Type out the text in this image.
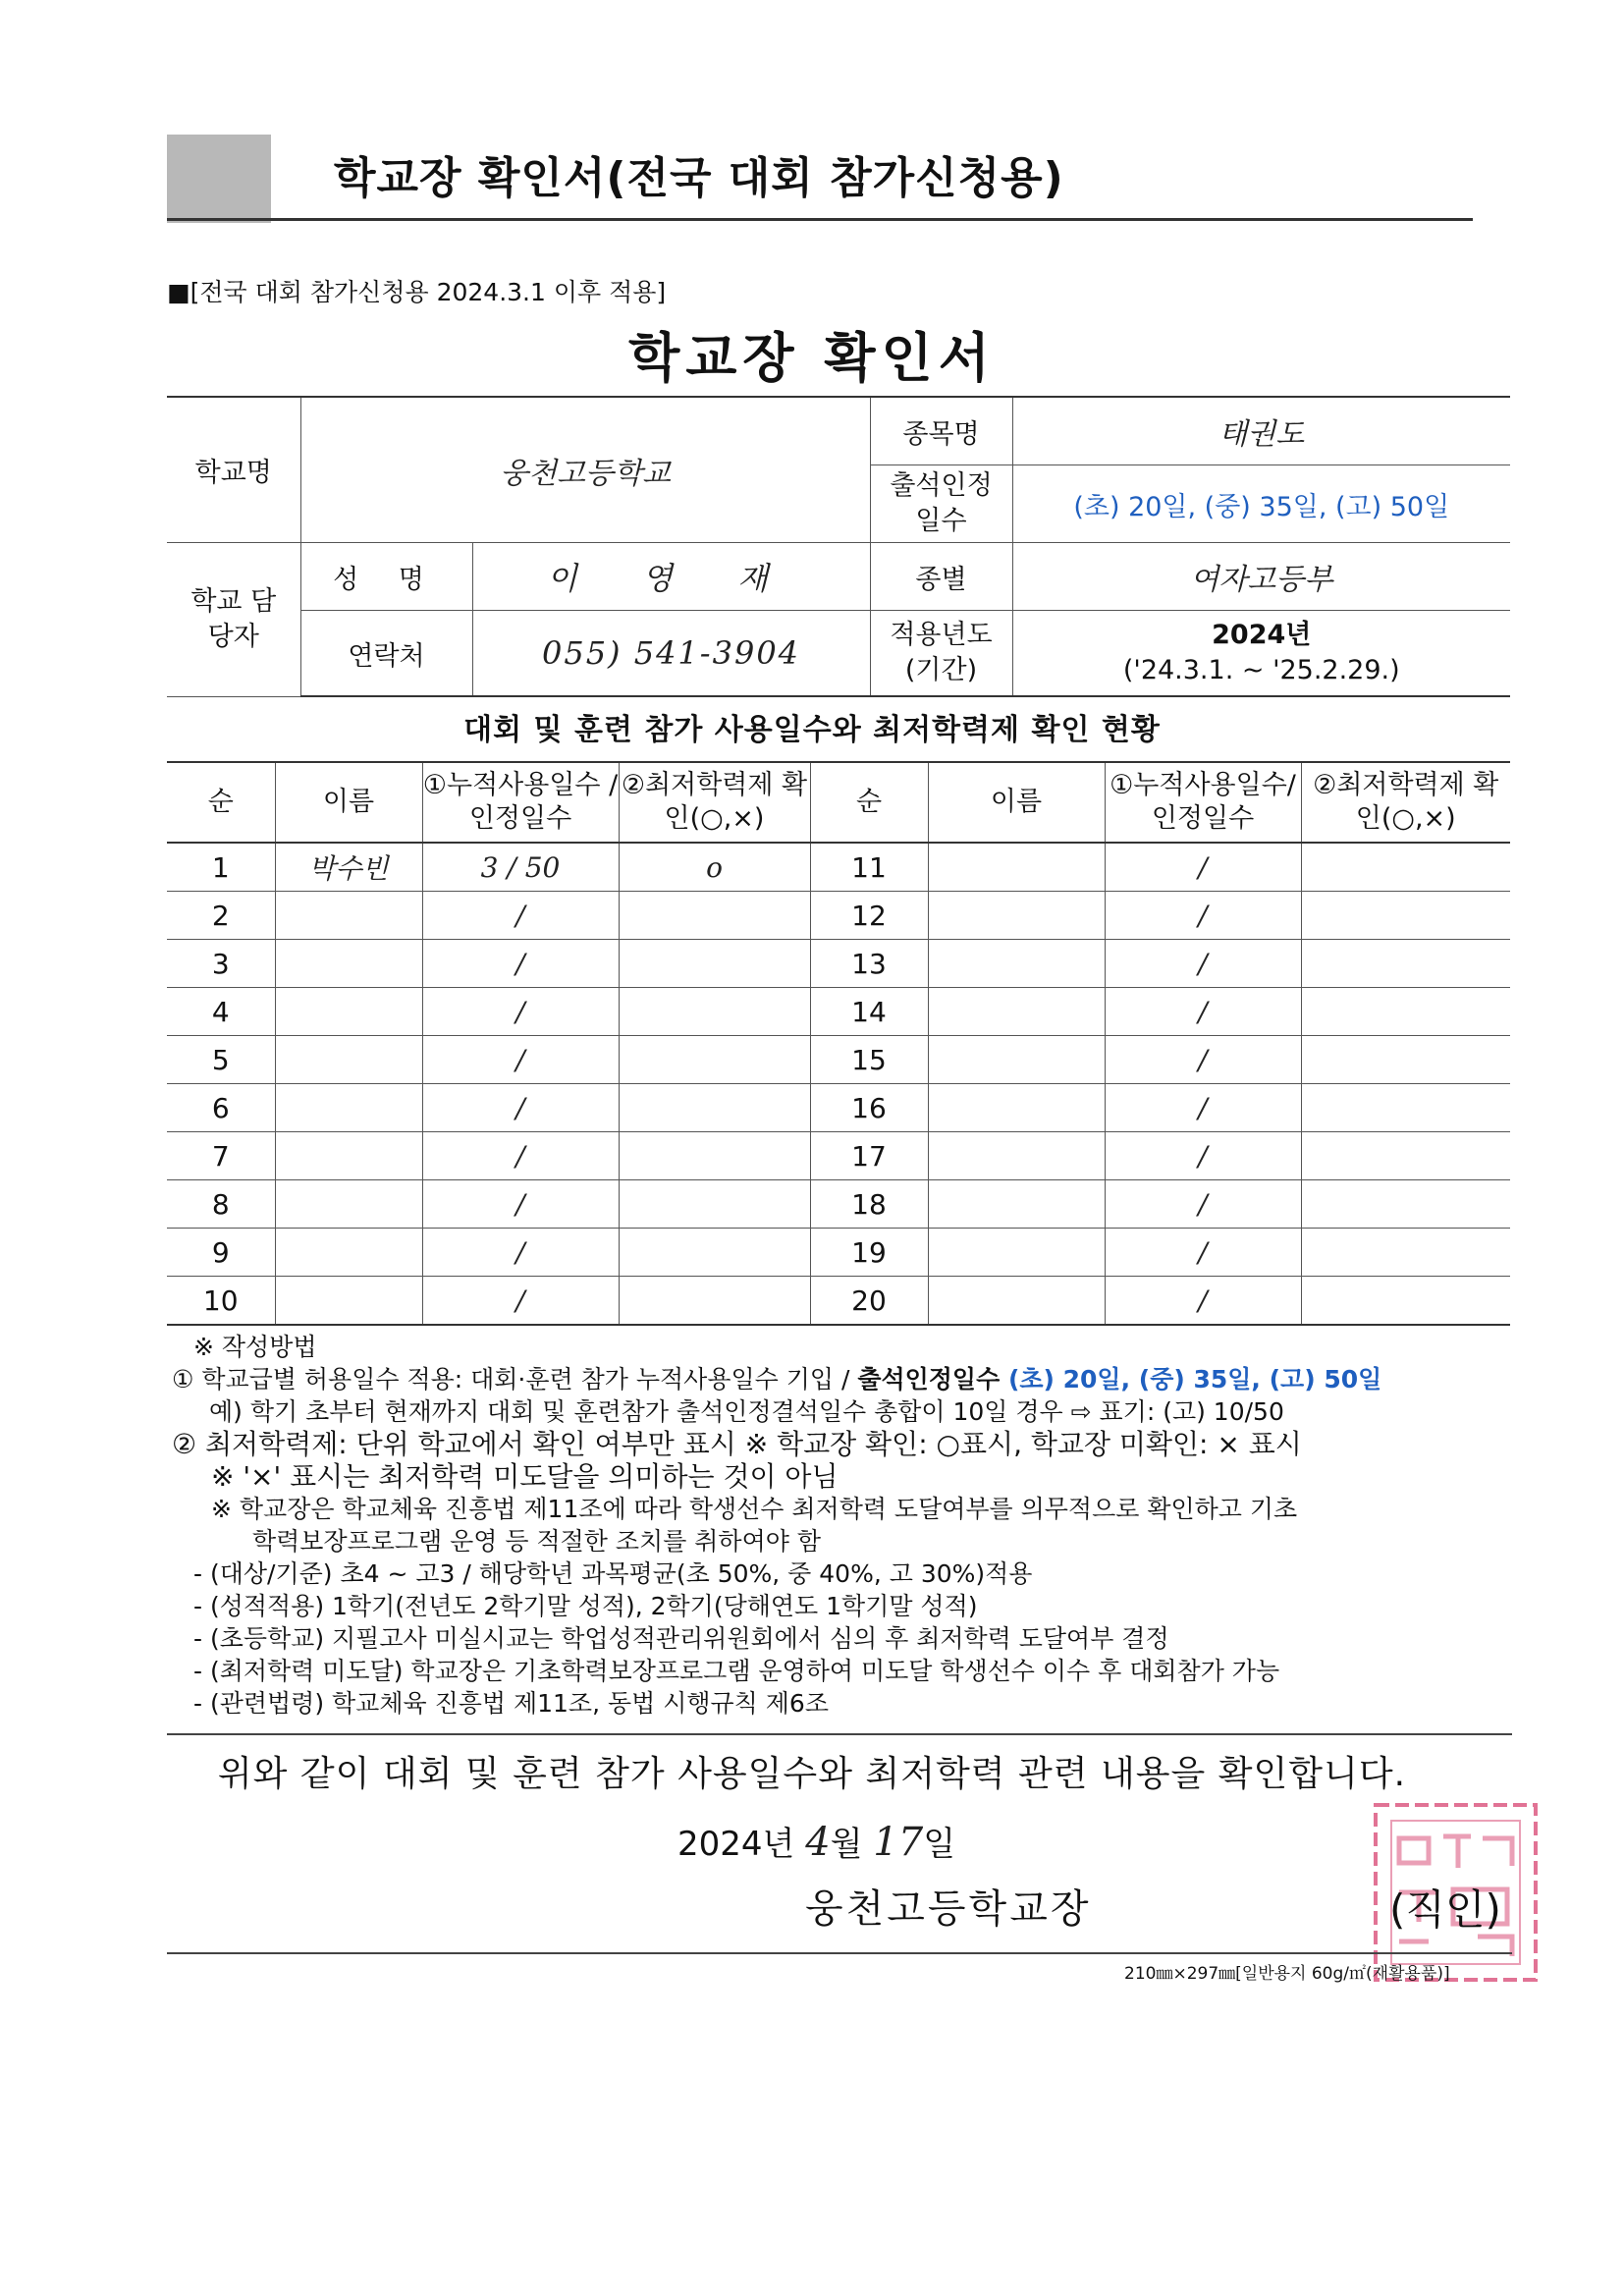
학교장 확인서(전국 대회 참가신청용)
■[전국 대회 참가신청용 2024.3.1 이후 적용]
학교장 확인서
학교명	웅천고등학교		종목명	태권도
			출석인정 일수	(초) 20일, (중) 35일, (고) 50일
학교 담당자	성 명	이 영 재	종별	여자고등부
	연락처	055) 541-3904	적용년도 (기간)	2024년
('24.3.1. ~ '25.2.29.)
대회 및 훈련 참가 사용일수와 최저학력제 확인 현황
순	이름	①누적사용일수 /인정일수	②최저학력제 확인(○,×)	순	이름	①누적사용일수/ 인정일수	②최저학력제 확인(○,×)
1	박수빈	3 / 50	o	11		/	
2		/		12		/	
3		/		13		/	
4		/		14		/	
5		/		15		/	
6		/		16		/	
7		/		17		/	
8		/		18		/	
9		/		19		/	
10		/		20		/	
※ 작성방법
① 학교급별 허용일수 적용: 대회·훈련 참가 누적사용일수 기입 / 출석인정일수 (초) 20일, (중) 35일, (고) 50일
예) 학기 초부터 현재까지 대회 및 훈련참가 출석인정결석일수 총합이 10일 경우 ⇨ 표기: (고) 10/50
② 최저학력제: 단위 학교에서 확인 여부만 표시 ※ 학교장 확인: ○표시, 학교장 미확인: × 표시
※ '×' 표시는 최저학력 미도달을 의미하는 것이 아님
※ 학교장은 학교체육 진흥법 제11조에 따라 학생선수 최저학력 도달여부를 의무적으로 확인하고 기초
학력보장프로그램 운영 등 적절한 조치를 취하여야 함
- (대상/기준) 초4 ~ 고3 / 해당학년 과목평균(초 50%, 중 40%, 고 30%)적용
- (성적적용) 1학기(전년도 2학기말 성적), 2학기(당해연도 1학기말 성적)
- (초등학교) 지필고사 미실시교는 학업성적관리위원회에서 심의 후 최저학력 도달여부 결정
- (최저학력 미도달) 학교장은 기초학력보장프로그램 운영하여 미도달 학생선수 이수 후 대회참가 가능
- (관련법령) 학교체육 진흥법 제11조, 동법 시행규칙 제6조
위와 같이 대회 및 훈련 참가 사용일수와 최저학력 관련 내용을 확인합니다.
2024년 4월 17일
(직인)
웅천고등학교장
210㎜×297㎜[일반용지 60g/㎡(재활용품)]
